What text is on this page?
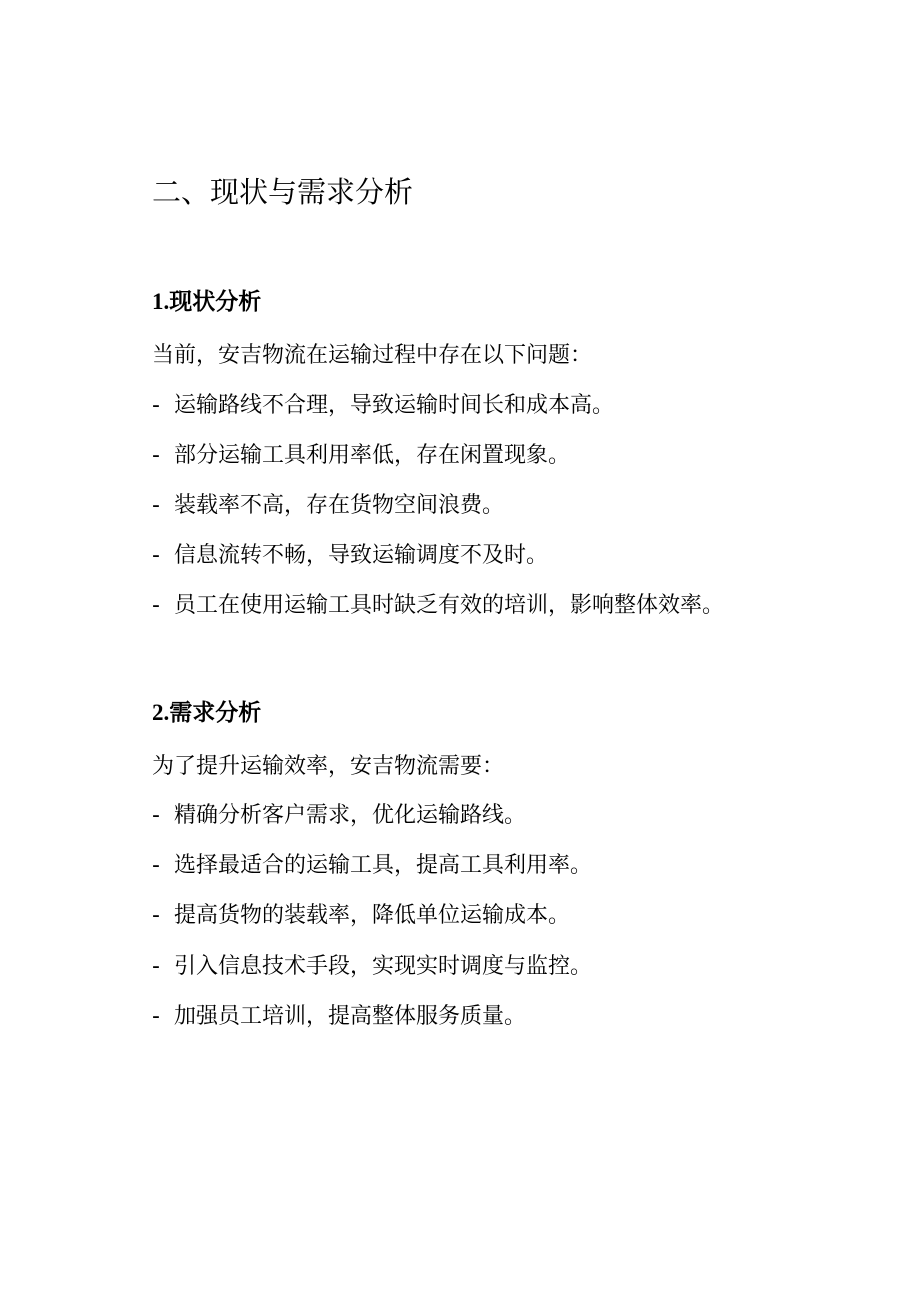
二、现状与需求分析
1.现状分析

当前，安吉物流在运输过程中存在以下问题：

- 运输路线不合理，导致运输时间长和成本高。

- 部分运输工具利用率低，存在闲置现象。

- 装载率不高，存在货物空间浪费。

- 信息流转不畅，导致运输调度不及时。

- 员工在使用运输工具时缺乏有效的培训，影响整体效率。

2.需求分析

为了提升运输效率，安吉物流需要：

- 精确分析客户需求，优化运输路线。

- 选择最适合的运输工具，提高工具利用率。

- 提高货物的装载率，降低单位运输成本。

- 引入信息技术手段，实现实时调度与监控。

- 加强员工培训，提高整体服务质量。
